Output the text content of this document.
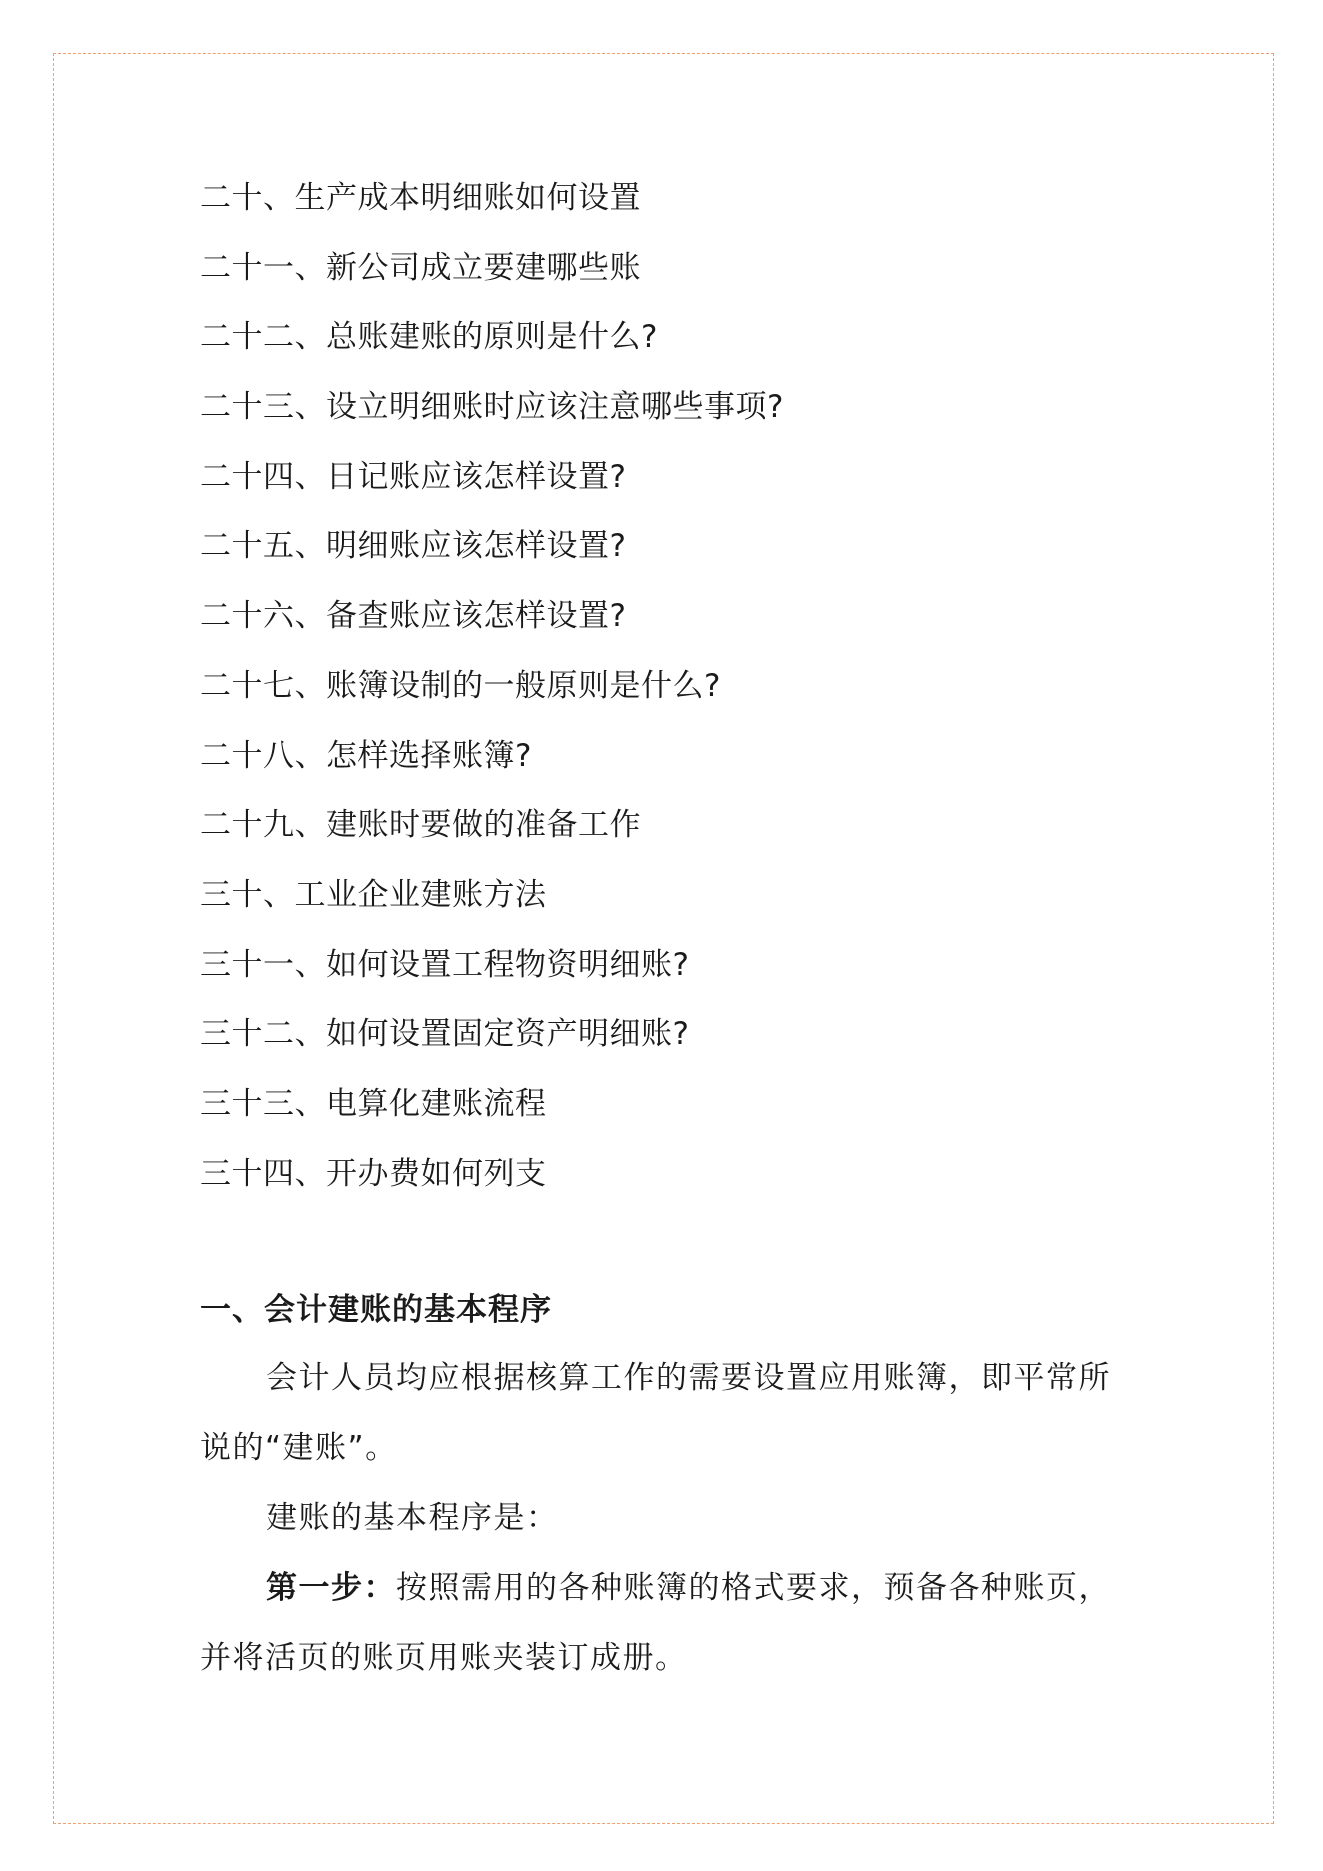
二十、生产成本明细账如何设置
二十一、新公司成立要建哪些账
二十二、总账建账的原则是什么?
二十三、设立明细账时应该注意哪些事项?
二十四、日记账应该怎样设置?
二十五、明细账应该怎样设置?
二十六、备查账应该怎样设置?
二十七、账簿设制的一般原则是什么?
二十八、怎样选择账簿?
二十九、建账时要做的准备工作
三十、工业企业建账方法
三十一、如何设置工程物资明细账?
三十二、如何设置固定资产明细账?
三十三、电算化建账流程
三十四、开办费如何列支
一、会计建账的基本程序

会计人员均应根据核算工作的需要设置应用账簿，即平常所说的“建账”。

建账的基本程序是：

第一步：按照需用的各种账簿的格式要求，预备各种账页，并将活页的账页用账夹装订成册。
